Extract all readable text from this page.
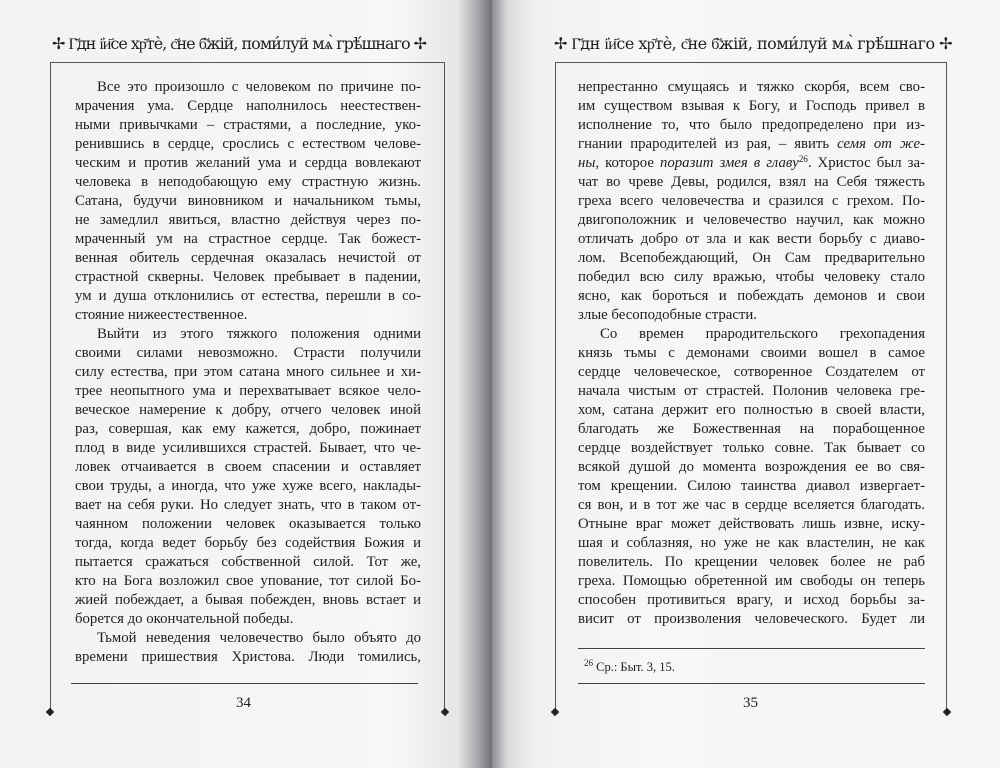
✢ Г҃дн і҆и҃се хр҃тѐ, с҃не б҃жій, поми́луй мѧ̀ грѣ́шнаго ✢
Все это произошло с человеком по причине по-
мрачения ума. Сердце наполнилось неестествен-
ными привычками – страстями, а последние, уко-
ренившись в сердце, срослись с естеством челове-
ческим и против желаний ума и сердца вовлекают
человека в неподобающую ему страстную жизнь.
Сатана, будучи виновником и начальником тьмы,
не замедлил явиться, властно действуя через по-
мраченный ум на страстное сердце. Так божест-
венная обитель сердечная оказалась нечистой от
страстной скверны. Человек пребывает в падении,
ум и душа отклонились от естества, перешли в со-
стояние нижеестественное.
Выйти из этого тяжкого положения одними
своими силами невозможно. Страсти получили
силу естества, при этом сатана много сильнее и хи-
трее неопытного ума и перехватывает всякое чело-
веческое намерение к добру, отчего человек иной
раз, совершая, как ему кажется, добро, пожинает
плод в виде усилившихся страстей. Бывает, что че-
ловек отчаивается в своем спасении и оставляет
свои труды, а иногда, что уже хуже всего, наклады-
вает на себя руки. Но следует знать, что в таком от-
чаянном положении человек оказывается только
тогда, когда ведет борьбу без содействия Божия и
пытается сражаться собственной силой. Тот же,
кто на Бога возложил свое упование, тот силой Бо-
жией побеждает, а бывая побежден, вновь встает и
борется до окончательной победы.
Тьмой неведения человечество было объято до
времени пришествия Христова. Люди томились,
34
✢ Г҃дн і҆и҃се хр҃тѐ, с҃не б҃жій, поми́луй мѧ̀ грѣ́шнаго ✢
непрестанно смущаясь и тяжко скорбя, всем сво-
им существом взывая к Богу, и Господь привел в
исполнение то, что было предопределено при из-
гнании прародителей из рая, – явить семя от же-
ны, которое поразит змея в главу$^{26}$. Христос был за-
чат во чреве Девы, родился, взял на Себя тяжесть
греха всего человечества и сразился с грехом. По-
двигоположник и человечество научил, как можно
отличать добро от зла и как вести борьбу с диаво-
лом. Всепобеждающий, Он Сам предварительно
победил всю силу вражью, чтобы человеку стало
ясно, как бороться и побеждать демонов и свои
злые бесоподобные страсти.
Со времен прародительского грехопадения
князь тьмы с демонами своими вошел в самое
сердце человеческое, сотворенное Создателем от
начала чистым от страстей. Полонив человека гре-
хом, сатана держит его полностью в своей власти,
благодать же Божественная на порабощенное
сердце воздействует только совне. Так бывает со
всякой душой до момента возрождения ее во свя-
том крещении. Силою таинства диавол извергает-
ся вон, и в тот же час в сердце вселяется благодать.
Отныне враг может действовать лишь извне, иску-
шая и соблазняя, но уже не как властелин, не как
повелитель. По крещении человек более не раб
греха. Помощью обретенной им свободы он теперь
способен противиться врагу, и исход борьбы за-
висит от произволения человеческого. Будет ли
$^{26}$ Ср.: Быт. 3, 15.
35
